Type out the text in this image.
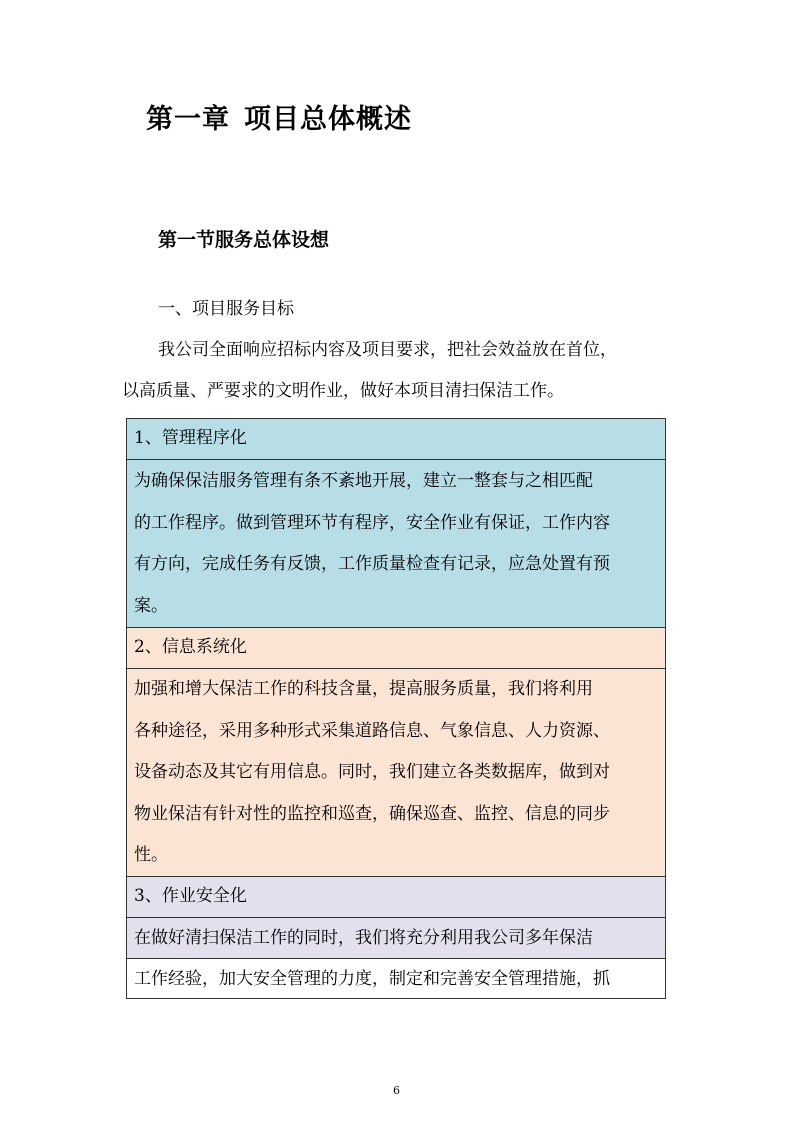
第一章 项目总体概述
第一节服务总体设想
一、项目服务目标
我公司全面响应招标内容及项目要求，把社会效益放在首位，
以高质量、严要求的文明作业，做好本项目清扫保洁工作。
1、管理程序化
为确保保洁服务管理有条不紊地开展，建立一整套与之相匹配
的工作程序。做到管理环节有程序，安全作业有保证，工作内容
有方向，完成任务有反馈，工作质量检查有记录，应急处置有预
案。
2、信息系统化
加强和增大保洁工作的科技含量，提高服务质量，我们将利用
各种途径，采用多种形式采集道路信息、气象信息、人力资源、
设备动态及其它有用信息。同时，我们建立各类数据库，做到对
物业保洁有针对性的监控和巡查，确保巡查、监控、信息的同步
性。
3、作业安全化
在做好清扫保洁工作的同时，我们将充分利用我公司多年保洁
工作经验，加大安全管理的力度，制定和完善安全管理措施，抓
6
